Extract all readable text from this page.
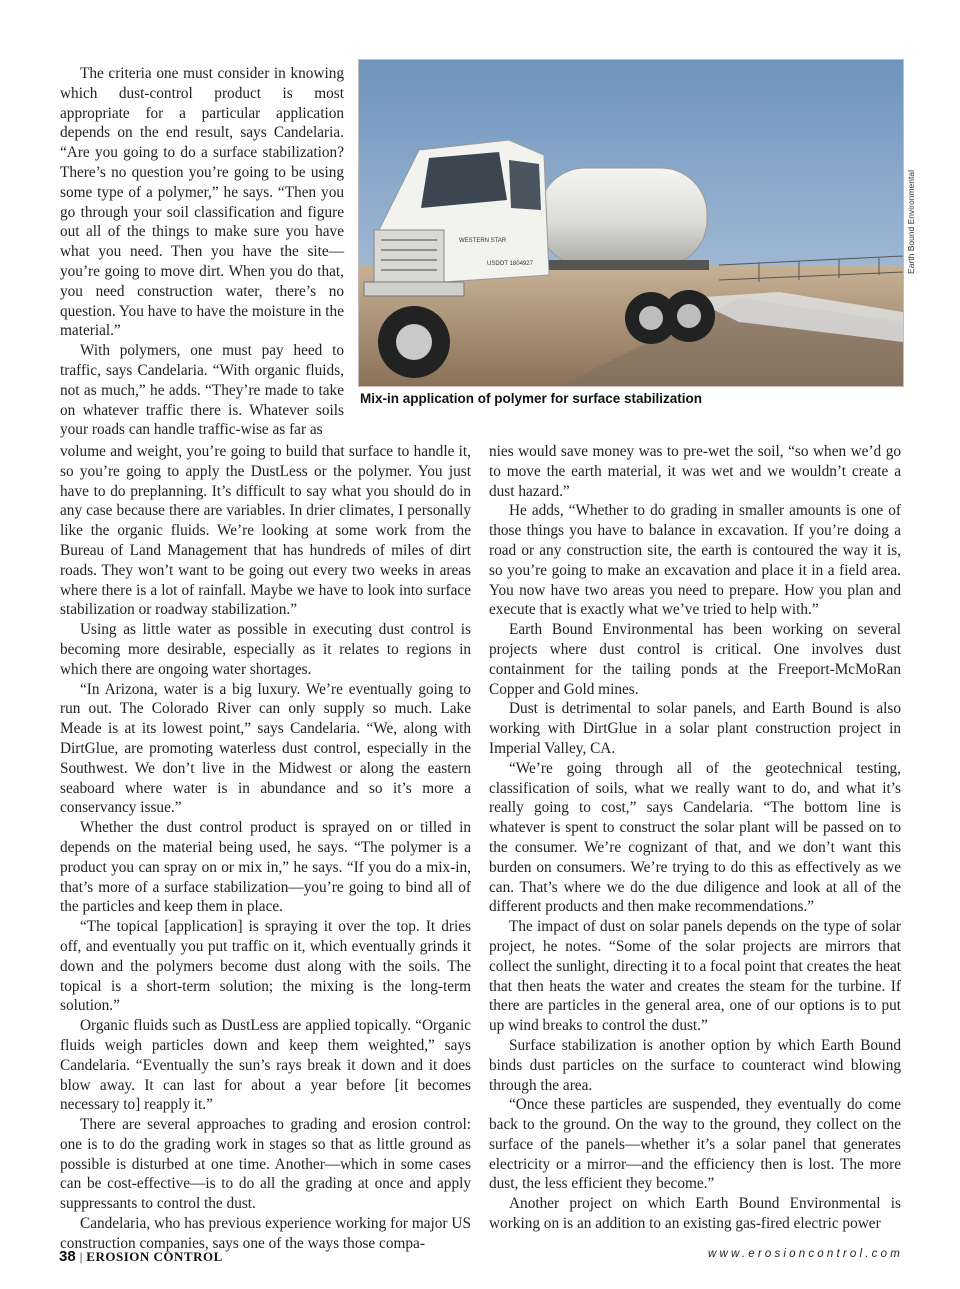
The criteria one must consider in knowing which dust-control product is most appropriate for a particular application depends on the end result, says Candelaria. “Are you going to do a surface stabilization? There’s no question you’re going to be using some type of a polymer,” he says. “Then you go through your soil classification and figure out all of the things to make sure you have what you need. Then you have the site—you’re going to move dirt. When you do that, you need construction water, there’s no question. You have to have the moisture in the material.”

With polymers, one must pay heed to traffic, says Candelaria. “With organic fluids, not as much,” he adds. “They’re made to take on whatever traffic there is. Whatever soils your roads can handle traffic-wise as far as

WESTERN STAR
USDOT 1804927	Earth Bound Environmental
Mix-in application of polymer for surface stabilization

volume and weight, you’re going to build that surface to handle it, so you’re going to apply the DustLess or the polymer. You just have to do preplanning. It’s difficult to say what you should do in any case because there are variables. In drier climates, I personally like the organic fluids. We’re looking at some work from the Bureau of Land Management that has hundreds of miles of dirt roads. They won’t want to be going out every two weeks in areas where there is a lot of rainfall. Maybe we have to look into surface stabilization or roadway stabilization.”

Using as little water as possible in executing dust control is becoming more desirable, especially as it relates to regions in which there are ongoing water shortages.

“In Arizona, water is a big luxury. We’re eventually going to run out. The Colorado River can only supply so much. Lake Meade is at its lowest point,” says Candelaria. “We, along with DirtGlue, are promoting waterless dust control, especially in the Southwest. We don’t live in the Midwest or along the eastern seaboard where water is in abundance and so it’s more a conservancy issue.”

Whether the dust control product is sprayed on or tilled in depends on the material being used, he says. “The polymer is a product you can spray on or mix in,” he says. “If you do a mix-in, that’s more of a surface stabilization—you’re going to bind all of the particles and keep them in place.

“The topical [application] is spraying it over the top. It dries off, and eventually you put traffic on it, which eventually grinds it down and the polymers become dust along with the soils. The topical is a short-term solution; the mixing is the long-term solution.”

Organic fluids such as DustLess are applied topically. “Organic fluids weigh particles down and keep them weighted,” says Candelaria. “Eventually the sun’s rays break it down and it does blow away. It can last for about a year before [it becomes necessary to] reapply it.”

There are several approaches to grading and erosion control: one is to do the grading work in stages so that as little ground as possible is disturbed at one time. Another—which in some cases can be cost-effective—is to do all the grading at once and apply suppressants to control the dust.

Candelaria, who has previous experience working for major US construction companies, says one of the ways those compa-

nies would save money was to pre-wet the soil, “so when we’d go to move the earth material, it was wet and we wouldn’t create a dust hazard.”

He adds, “Whether to do grading in smaller amounts is one of those things you have to balance in excavation. If you’re doing a road or any construction site, the earth is contoured the way it is, so you’re going to make an excavation and place it in a field area. You now have two areas you need to prepare. How you plan and execute that is exactly what we’ve tried to help with.”

Earth Bound Environmental has been working on several projects where dust control is critical. One involves dust containment for the tailing ponds at the Freeport-McMoRan Copper and Gold mines.

Dust is detrimental to solar panels, and Earth Bound is also working with DirtGlue in a solar plant construction project in Imperial Valley, CA.

“We’re going through all of the geotechnical testing, classification of soils, what we really want to do, and what it’s really going to cost,” says Candelaria. “The bottom line is whatever is spent to construct the solar plant will be passed on to the consumer. We’re cognizant of that, and we don’t want this burden on consumers. We’re trying to do this as effectively as we can. That’s where we do the due diligence and look at all of the different products and then make recommendations.”

The impact of dust on solar panels depends on the type of solar project, he notes. “Some of the solar projects are mirrors that collect the sunlight, directing it to a focal point that creates the heat that then heats the water and creates the steam for the turbine. If there are particles in the general area, one of our options is to put up wind breaks to control the dust.”

Surface stabilization is another option by which Earth Bound binds dust particles on the surface to counteract wind blowing through the area.

“Once these particles are suspended, they eventually do come back to the ground. On the way to the ground, they collect on the surface of the panels—whether it’s a solar panel that generates electricity or a mirror—and the efficiency then is lost. The more dust, the less efficient they become.”

Another project on which Earth Bound Environmental is working on is an addition to an existing gas-fired electric power

38 | EROSION CONTROL	www.erosioncontrol.com
